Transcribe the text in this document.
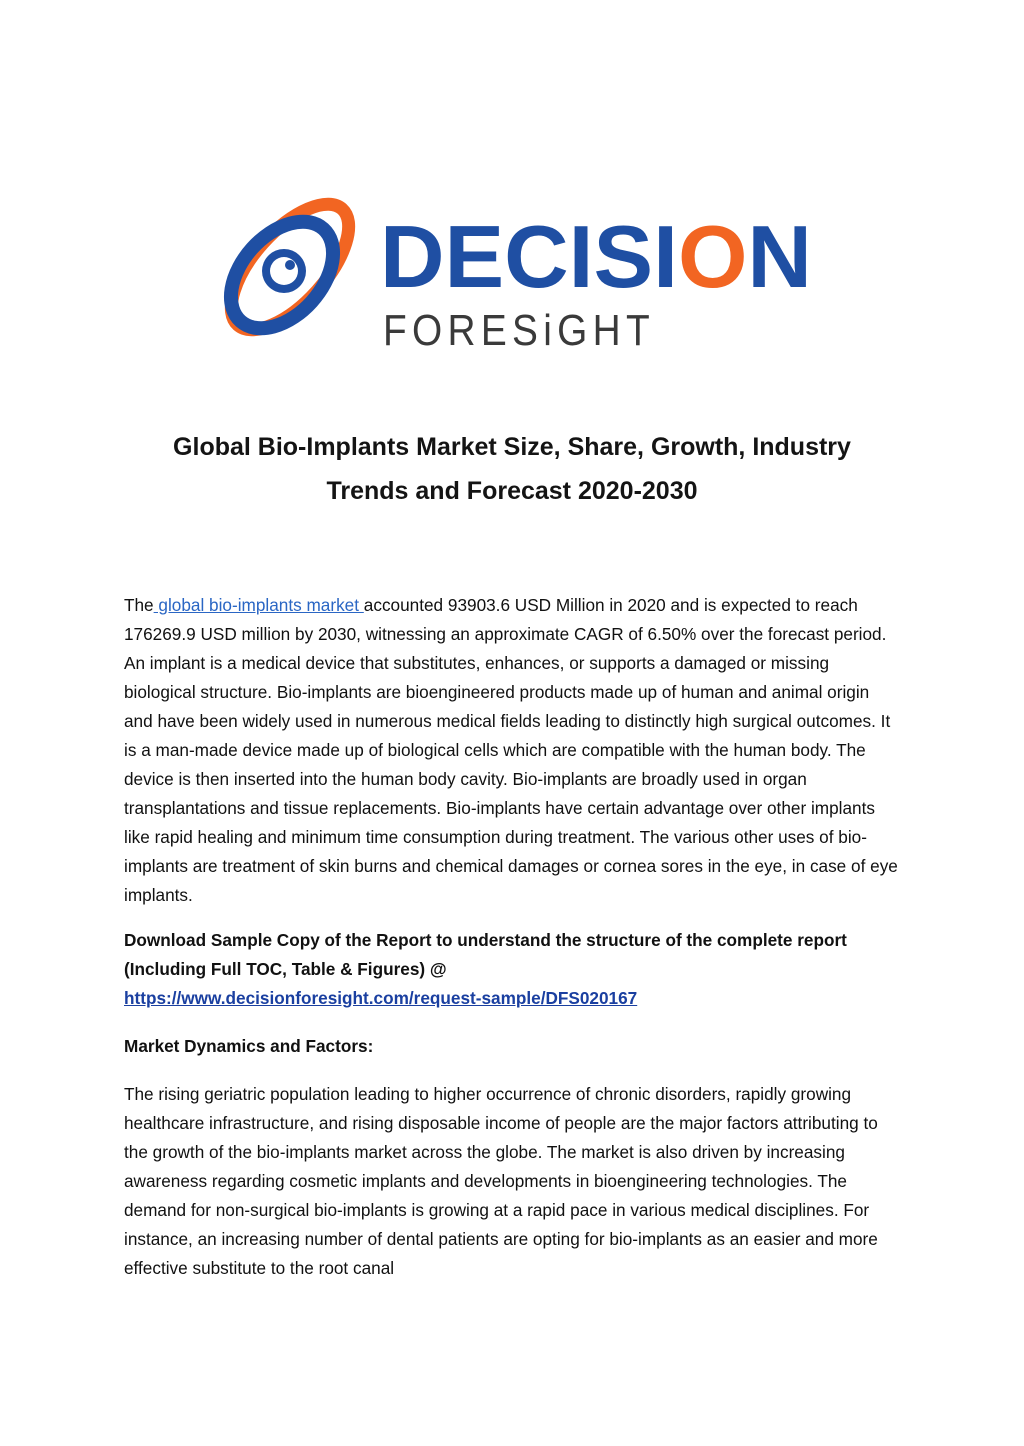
DECISION
FORESiGHT
Global Bio-Implants Market Size, Share, Growth, Industry
Trends and Forecast 2020-2030

The global bio-implants market accounted 93903.6 USD Million in 2020 and is expected to reach 176269.9 USD million by 2030, witnessing an approximate CAGR of 6.50% over the forecast period. An implant is a medical device that substitutes, enhances, or supports a damaged or missing biological structure. Bio-implants are bioengineered products made up of human and animal origin and have been widely used in numerous medical fields leading to distinctly high surgical outcomes. It is a man-made device made up of biological cells which are compatible with the human body. The device is then inserted into the human body cavity. Bio-implants are broadly used in organ transplantations and tissue replacements. Bio-implants have certain advantage over other implants like rapid healing and minimum time consumption during treatment. The various other uses of bio-implants are treatment of skin burns and chemical damages or cornea sores in the eye, in case of eye implants.

Download Sample Copy of the Report to understand the structure of the complete report (Including Full TOC, Table & Figures) @
https://www.decisionforesight.com/request-sample/DFS020167

Market Dynamics and Factors:

The rising geriatric population leading to higher occurrence of chronic disorders, rapidly growing healthcare infrastructure, and rising disposable income of people are the major factors attributing to the growth of the bio-implants market across the globe. The market is also driven by increasing awareness regarding cosmetic implants and developments in bioengineering technologies. The demand for non-surgical bio-implants is growing at a rapid pace in various medical disciplines. For instance, an increasing number of dental patients are opting for bio-implants as an easier and more effective substitute to the root canal
